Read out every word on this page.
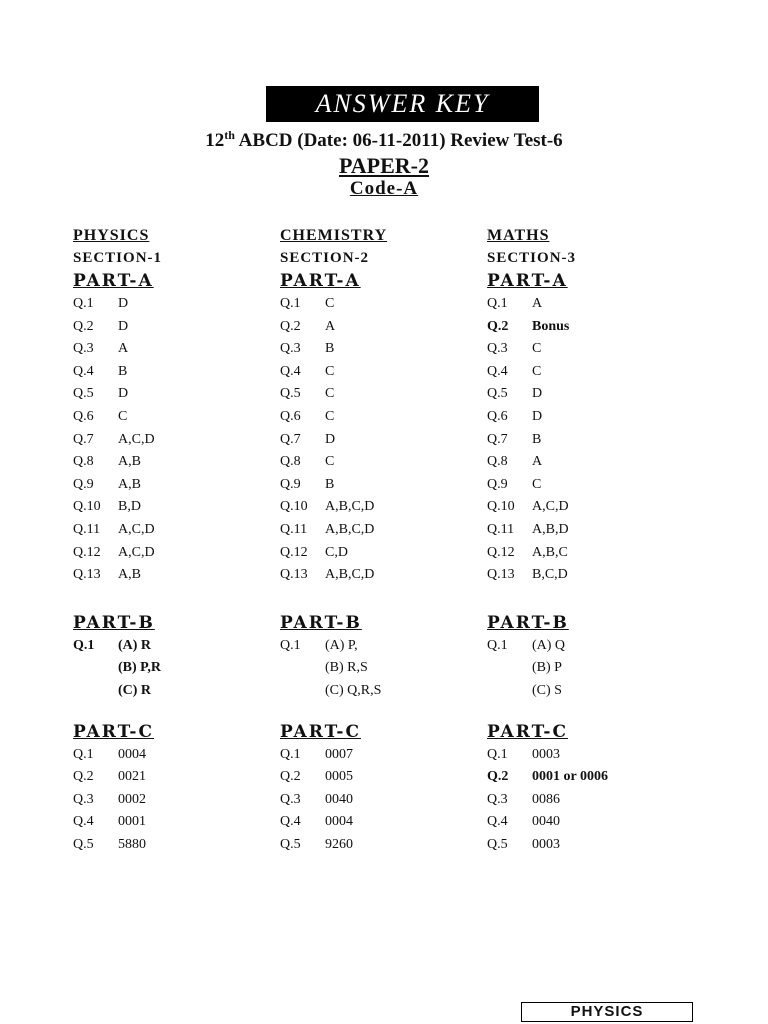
ANSWER KEY
12th ABCD (Date: 06-11-2011) Review Test-6
PAPER-2
Code-A
PHYSICS
SECTION-1
PART-A
Q.1 D
Q.2 D
Q.3 A
Q.4 B
Q.5 D
Q.6 C
Q.7 A,C,D
Q.8 A,B
Q.9 A,B
Q.10 B,D
Q.11 A,C,D
Q.12 A,C,D
Q.13 A,B
PART-B
Q.1 (A) R
(B) P,R
(C) R
PART-C
Q.1 0004
Q.2 0021
Q.3 0002
Q.4 0001
Q.5 5880
CHEMISTRY
SECTION-2
PART-A
Q.1 C
Q.2 A
Q.3 B
Q.4 C
Q.5 C
Q.6 C
Q.7 D
Q.8 C
Q.9 B
Q.10 A,B,C,D
Q.11 A,B,C,D
Q.12 C,D
Q.13 A,B,C,D
PART-B
Q.1 (A) P,
(B) R,S
(C) Q,R,S
PART-C
Q.1 0007
Q.2 0005
Q.3 0040
Q.4 0004
Q.5 9260
MATHS
SECTION-3
PART-A
Q.1 A
Q.2 Bonus
Q.3 C
Q.4 C
Q.5 D
Q.6 D
Q.7 B
Q.8 A
Q.9 C
Q.10 A,C,D
Q.11 A,B,D
Q.12 A,B,C
Q.13 B,C,D
PART-B
Q.1 (A) Q
(B) P
(C) S
PART-C
Q.1 0003
Q.2 0001 or 0006
Q.3 0086
Q.4 0040
Q.5 0003
PHYSICS
